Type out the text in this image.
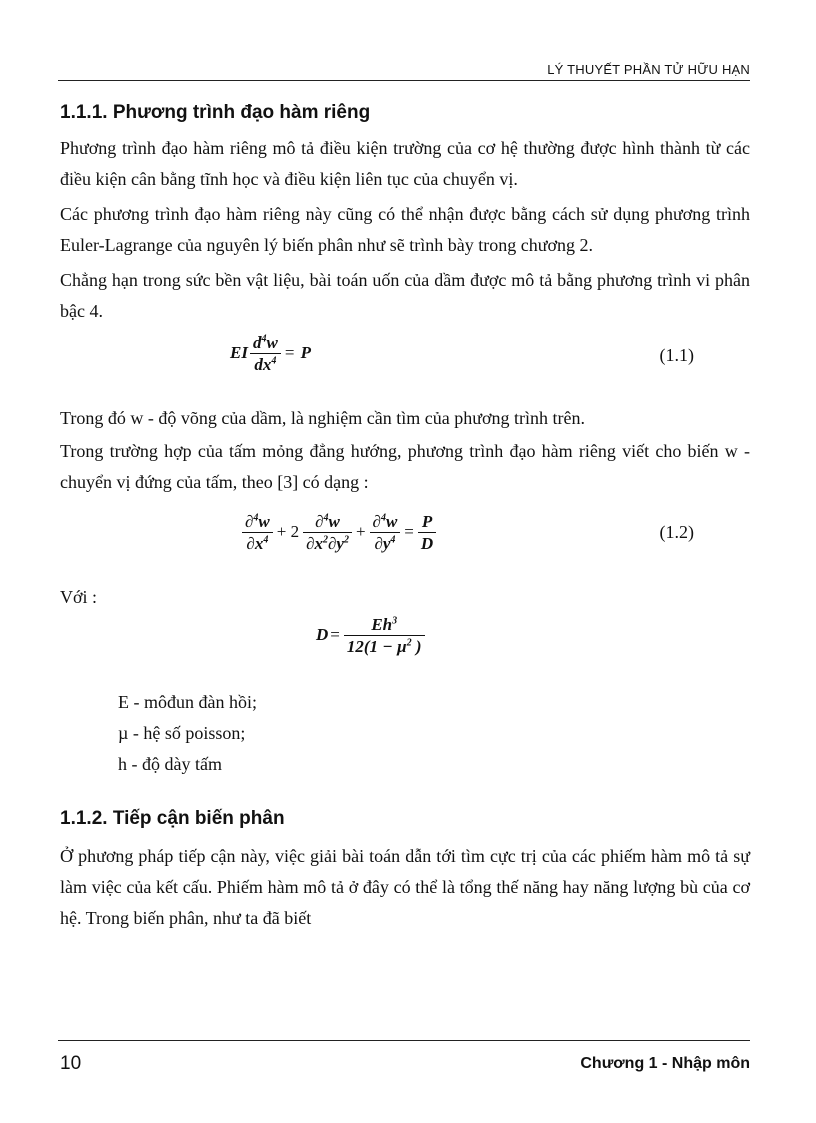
LÝ THUYẾT PHẦN TỬ HỮU HẠN
1.1.1. Phương trình đạo hàm riêng

Phương trình đạo hàm riêng mô tả điều kiện trường của cơ hệ thường được hình thành từ các điều kiện cân bằng tĩnh học và điều kiện liên tục của chuyển vị.

Các phương trình đạo hàm riêng này cũng có thể nhận được bằng cách sử dụng phương trình Euler-Lagrange của nguyên lý biến phân như sẽ trình bày trong chương 2.

Chẳng hạn trong sức bền vật liệu, bài toán uốn của dầm được mô tả bằng phương trình vi phân bậc 4.

EI $\frac{d^4w}{dx^4} = P$	(1.1)

Trong đó w - độ võng của dầm, là nghiệm cần tìm của phương trình trên.

Trong trường hợp của tấm mỏng đẳng hướng, phương trình đạo hàm riêng viết cho biến w - chuyển vị đứng của tấm, theo [3] có dạng :

$\frac{\partial^4w}{\partial x^4} + 2 \frac{\partial^4w}{\partial x^2\partial y^2} + \frac{\partial^4w}{\partial y^4} = \frac{P}{D}$	(1.2)

Với :

$D = \frac{Eh^3}{12(1 - \mu^2 )}$

E - môđun đàn hồi;

µ - hệ số poisson;

h - độ dày tấm

1.1.2. Tiếp cận biến phân

Ở phương pháp tiếp cận này, việc giải bài toán dẫn tới tìm cực trị của các phiếm hàm mô tả sự làm việc của kết cấu. Phiếm hàm mô tả ở đây có thể là tổng thế năng hay năng lượng bù của cơ hệ. Trong biến phân, như ta đã biết

10	Chương 1 - Nhập môn
